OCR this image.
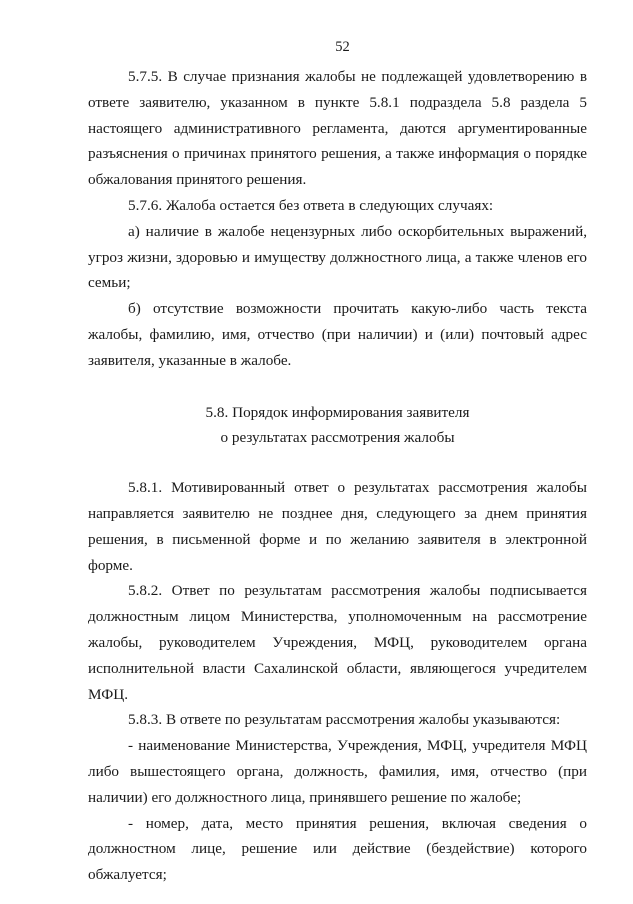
52

5.7.5. В случае признания жалобы не подлежащей удовлетворению в ответе заявителю, указанном в пункте 5.8.1 подраздела 5.8 раздела 5 настоящего административного регламента, даются аргументированные разъяснения о причинах принятого решения, а также информация о порядке обжалования принятого решения.

5.7.6. Жалоба остается без ответа в следующих случаях:

а) наличие в жалобе нецензурных либо оскорбительных выражений, угроз жизни, здоровью и имуществу должностного лица, а также членов его семьи;

б) отсутствие возможности прочитать какую-либо часть текста жалобы, фамилию, имя, отчество (при наличии) и (или) почтовый адрес заявителя, указанные в жалобе.

5.8. Порядок информирования заявителя
о результатах рассмотрения жалобы

5.8.1. Мотивированный ответ о результатах рассмотрения жалобы направляется заявителю не позднее дня, следующего за днем принятия решения, в письменной форме и по желанию заявителя в электронной форме.

5.8.2. Ответ по результатам рассмотрения жалобы подписывается должностным лицом Министерства, уполномоченным на рассмотрение жалобы, руководителем Учреждения, МФЦ, руководителем органа исполнительной власти Сахалинской области, являющегося учредителем МФЦ.

5.8.3. В ответе по результатам рассмотрения жалобы указываются:

- наименование Министерства, Учреждения, МФЦ, учредителя МФЦ либо вышестоящего органа, должность, фамилия, имя, отчество (при наличии) его должностного лица, принявшего решение по жалобе;

- номер, дата, место принятия решения, включая сведения о должностном лице, решение или действие (бездействие) которого обжалуется;
